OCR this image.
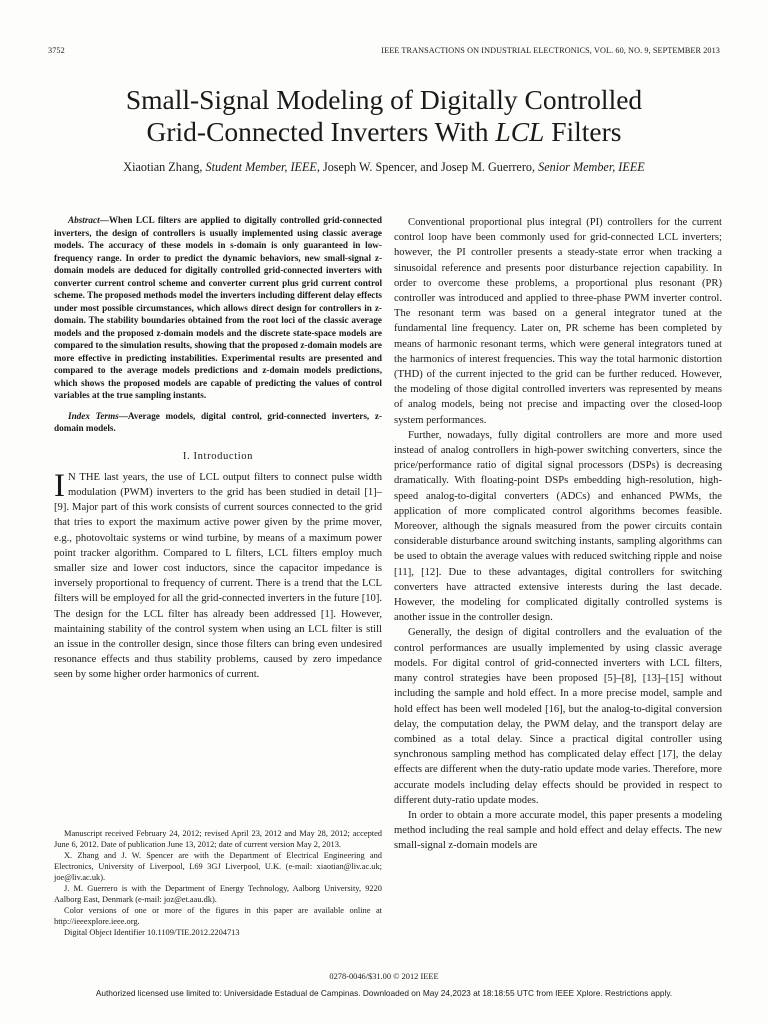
3752	IEEE TRANSACTIONS ON INDUSTRIAL ELECTRONICS, VOL. 60, NO. 9, SEPTEMBER 2013
Small-Signal Modeling of Digitally Controlled
Grid-Connected Inverters With LCL Filters
Xiaotian Zhang, Student Member, IEEE, Joseph W. Spencer, and Josep M. Guerrero, Senior Member, IEEE

Abstract—When LCL filters are applied to digitally controlled grid-connected inverters, the design of controllers is usually implemented using classic average models. The accuracy of these models in s-domain is only guaranteed in low-frequency range. In order to predict the dynamic behaviors, new small-signal z-domain models are deduced for digitally controlled grid-connected inverters with converter current control scheme and converter current plus grid current control scheme. The proposed methods model the inverters including different delay effects under most possible circumstances, which allows direct design for controllers in z-domain. The stability boundaries obtained from the root loci of the classic average models and the proposed z-domain models and the discrete state-space models are compared to the simulation results, showing that the proposed z-domain models are more effective in predicting instabilities. Experimental results are presented and compared to the average models predictions and z-domain models predictions, which shows the proposed models are capable of predicting the values of control variables at the true sampling instants.

Index Terms—Average models, digital control, grid-connected inverters, z-domain models.

I. Introduction

I N THE last years, the use of LCL output filters to connect pulse width modulation (PWM) inverters to the grid has been studied in detail [1]–[9]. Major part of this work consists of current sources connected to the grid that tries to export the maximum active power given by the prime mover, e.g., photovoltaic systems or wind turbine, by means of a maximum power point tracker algorithm. Compared to L filters, LCL filters employ much smaller size and lower cost inductors, since the capacitor impedance is inversely proportional to frequency of current. There is a trend that the LCL filters will be employed for all the grid-connected inverters in the future [10]. The design for the LCL filter has already been addressed [1]. However, maintaining stability of the control system when using an LCL filter is still an issue in the controller design, since those filters can bring even undesired resonance effects and thus stability problems, caused by zero impedance seen by some higher order harmonics of current.

Manuscript received February 24, 2012; revised April 23, 2012 and May 28, 2012; accepted June 6, 2012. Date of publication June 13, 2012; date of current version May 2, 2013.

X. Zhang and J. W. Spencer are with the Department of Electrical Engineering and Electronics, University of Liverpool, L69 3GJ Liverpool, U.K. (e-mail: xiaotian@liv.ac.uk; joe@liv.ac.uk).

J. M. Guerrero is with the Department of Energy Technology, Aalborg University, 9220 Aalborg East, Denmark (e-mail: joz@et.aau.dk).

Color versions of one or more of the figures in this paper are available online at http://ieeexplore.ieee.org.

Digital Object Identifier 10.1109/TIE.2012.2204713

Conventional proportional plus integral (PI) controllers for the current control loop have been commonly used for grid-connected LCL inverters; however, the PI controller presents a steady-state error when tracking a sinusoidal reference and presents poor disturbance rejection capability. In order to overcome these problems, a proportional plus resonant (PR) controller was introduced and applied to three-phase PWM inverter control. The resonant term was based on a general integrator tuned at the fundamental line frequency. Later on, PR scheme has been completed by means of harmonic resonant terms, which were general integrators tuned at the harmonics of interest frequencies. This way the total harmonic distortion (THD) of the current injected to the grid can be further reduced. However, the modeling of those digital controlled inverters was represented by means of analog models, being not precise and impacting over the closed-loop system performances.

Further, nowadays, fully digital controllers are more and more used instead of analog controllers in high-power switching converters, since the price/performance ratio of digital signal processors (DSPs) is decreasing dramatically. With floating-point DSPs embedding high-resolution, high-speed analog-to-digital converters (ADCs) and enhanced PWMs, the application of more complicated control algorithms becomes feasible. Moreover, although the signals measured from the power circuits contain considerable disturbance around switching instants, sampling algorithms can be used to obtain the average values with reduced switching ripple and noise [11], [12]. Due to these advantages, digital controllers for switching converters have attracted extensive interests during the last decade. However, the modeling for complicated digitally controlled systems is another issue in the controller design.

Generally, the design of digital controllers and the evaluation of the control performances are usually implemented by using classic average models. For digital control of grid-connected inverters with LCL filters, many control strategies have been proposed [5]–[8], [13]–[15] without including the sample and hold effect. In a more precise model, sample and hold effect has been well modeled [16], but the analog-to-digital conversion delay, the computation delay, the PWM delay, and the transport delay are combined as a total delay. Since a practical digital controller using synchronous sampling method has complicated delay effect [17], the delay effects are different when the duty-ratio update mode varies. Therefore, more accurate models including delay effects should be provided in respect to different duty-ratio update modes.

In order to obtain a more accurate model, this paper presents a modeling method including the real sample and hold effect and delay effects. The new small-signal z-domain models are

0278-0046/$31.00 © 2012 IEEE
Authorized licensed use limited to: Universidade Estadual de Campinas. Downloaded on May 24,2023 at 18:18:55 UTC from IEEE Xplore. Restrictions apply.
